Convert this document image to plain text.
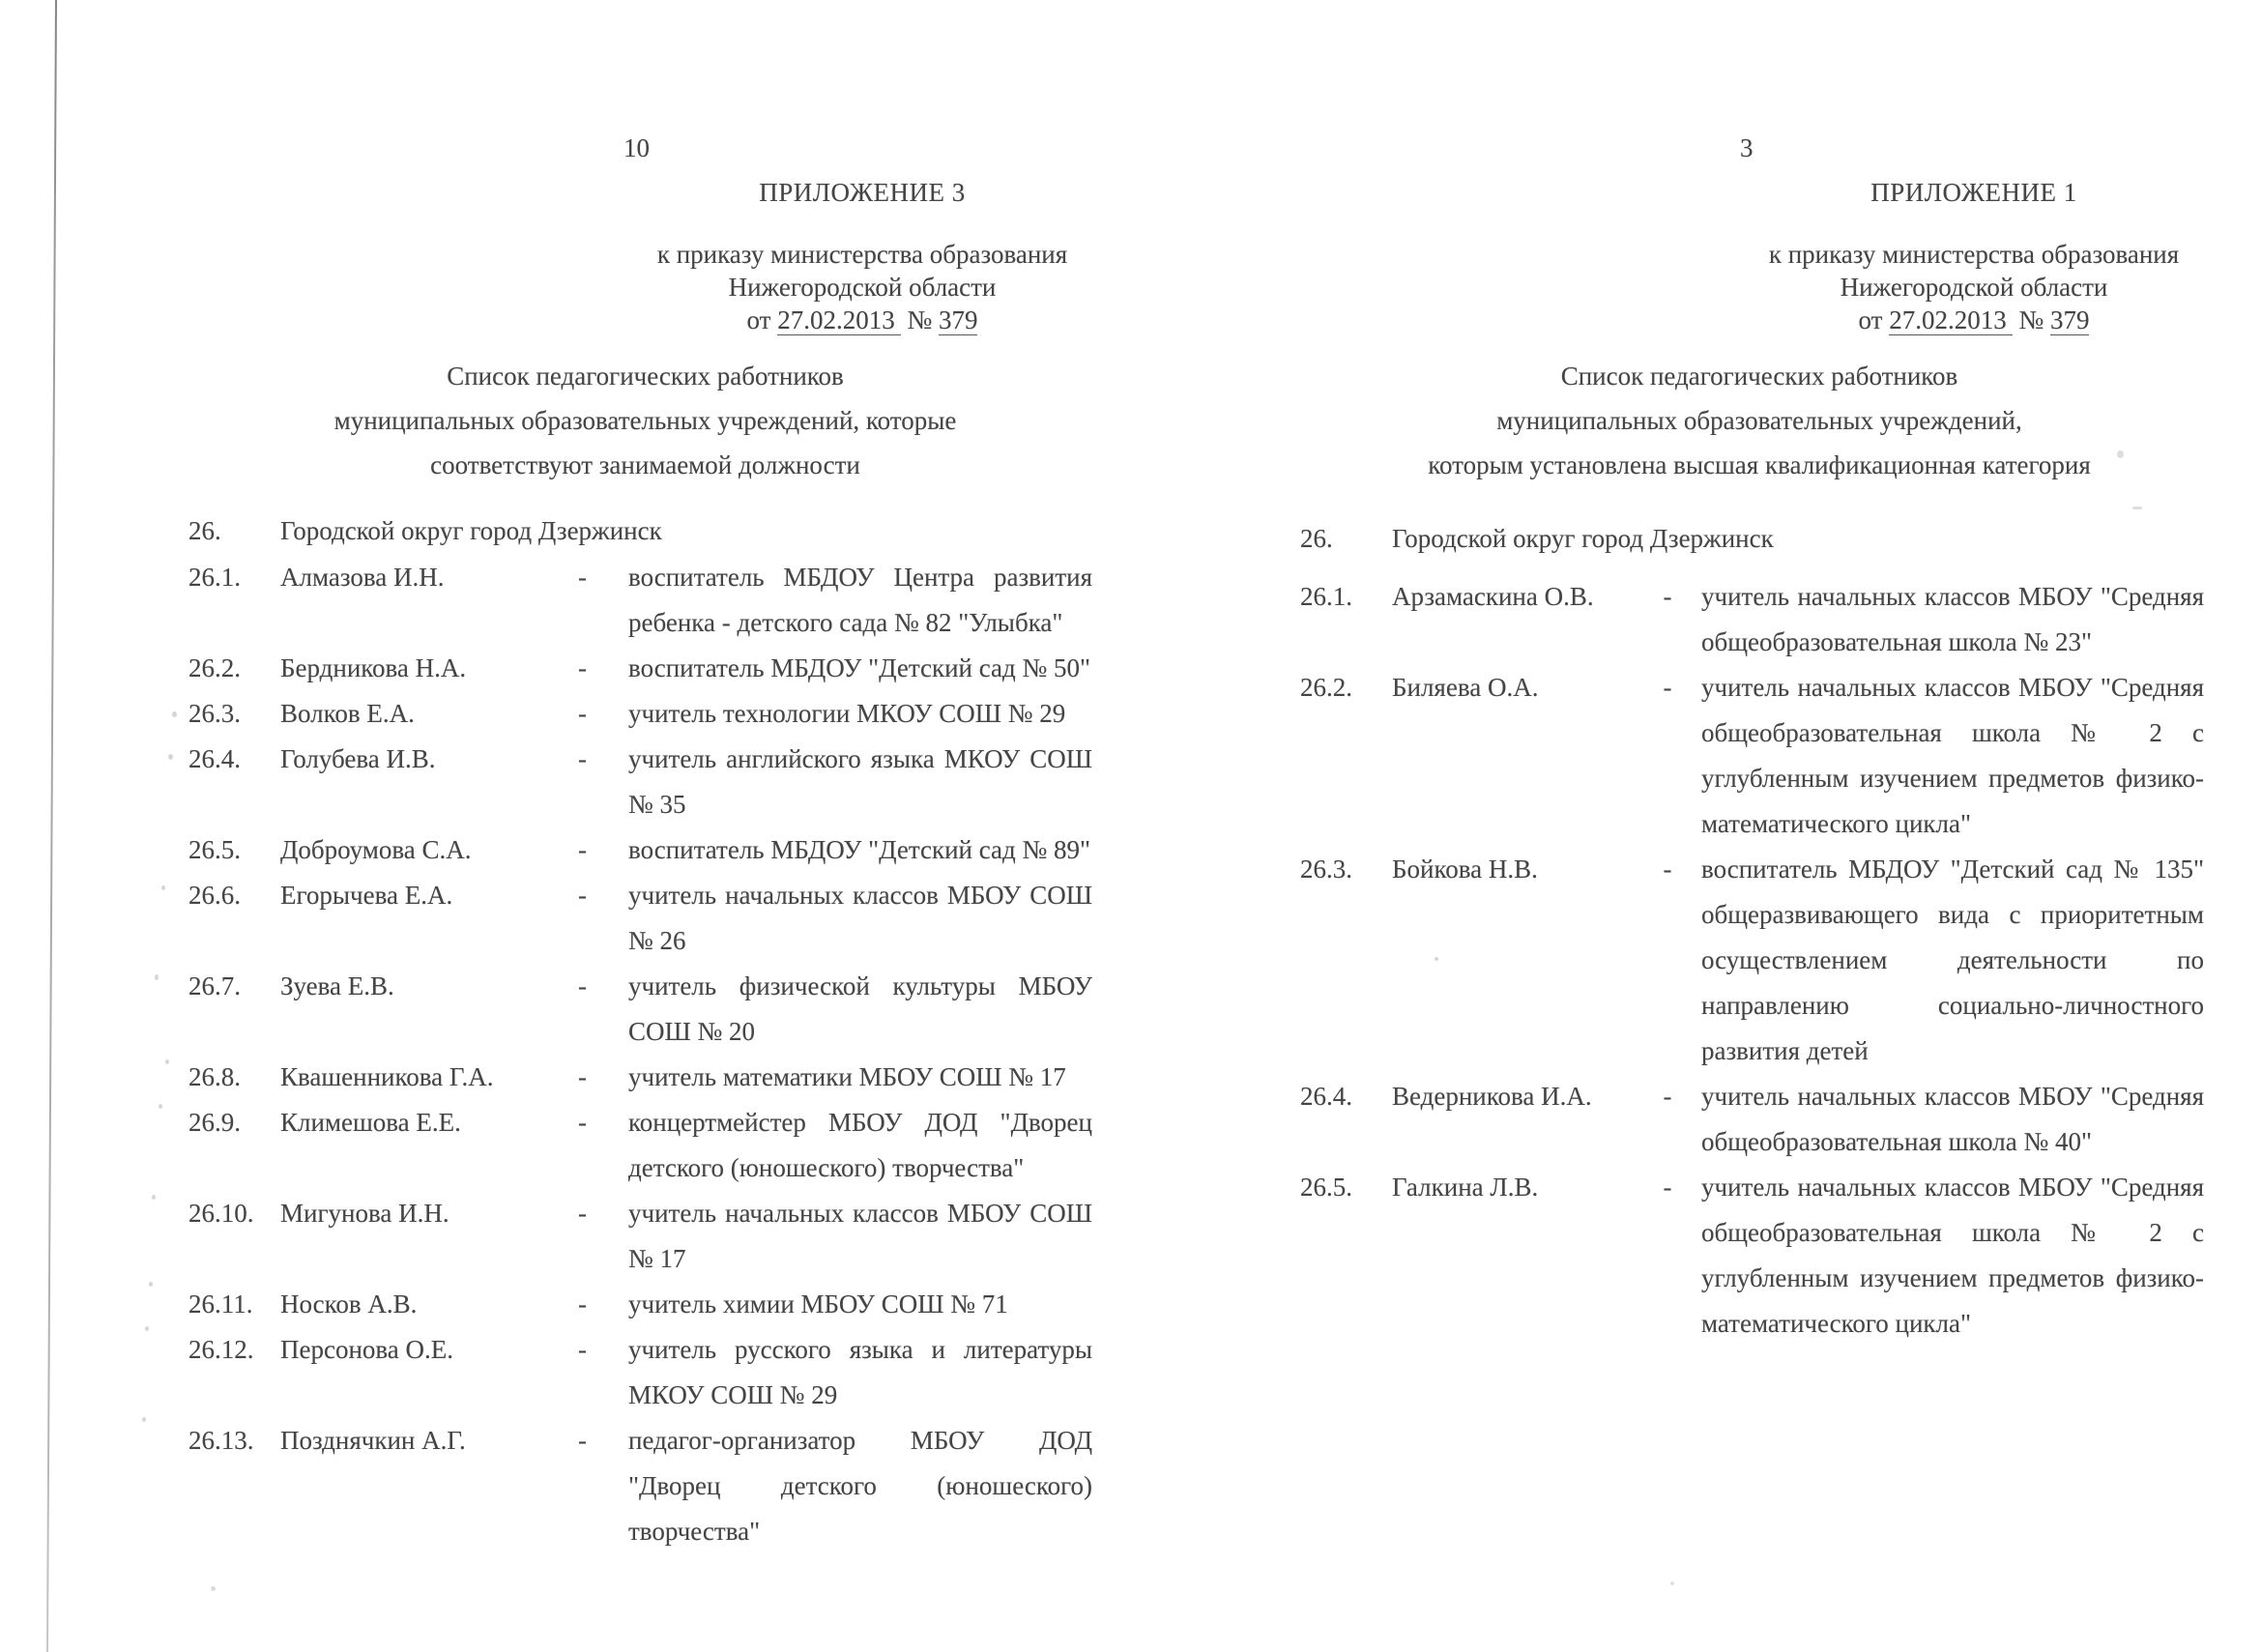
10
ПРИЛОЖЕНИЕ 3
к приказу министерства образования
Нижегородской области
от 27.02.2013 № 379
Список педагогических работников
муниципальных образовательных учреждений, которые
соответствуют занимаемой должности
26.	Городской округ город Дзержинск
26.1.	Алмазова И.Н.	-	воспитатель МБДОУ Центра развития ребенка - детского сада № 82 "Улыбка"
26.2.	Бердникова Н.А.	-	воспитатель МБДОУ "Детский сад № 50"
26.3.	Волков Е.А.	-	учитель технологии МКОУ СОШ № 29
26.4.	Голубева И.В.	-	учитель английского языка МКОУ СОШ № 35
26.5.	Доброумова С.А.	-	воспитатель МБДОУ "Детский сад № 89"
26.6.	Егорычева Е.А.	-	учитель начальных классов МБОУ СОШ № 26
26.7.	Зуева Е.В.	-	учитель физической культуры МБОУ СОШ № 20
26.8.	Квашенникова Г.А.	-	учитель математики МБОУ СОШ № 17
26.9.	Климешова Е.Е.	-	концертмейстер МБОУ ДОД "Дворец детского (юношеского) творчества"
26.10.	Мигунова И.Н.	-	учитель начальных классов МБОУ СОШ № 17
26.11.	Носков А.В.	-	учитель химии МБОУ СОШ № 71
26.12.	Персонова О.Е.	-	учитель русского языка и литературы МКОУ СОШ № 29
26.13.	Позднячкин А.Г.	-	педагог-организатор МБОУ ДОД "Дворец детского (юношеского) творчества"
3
ПРИЛОЖЕНИЕ 1
к приказу министерства образования
Нижегородской области
от 27.02.2013 № 379
Список педагогических работников
муниципальных образовательных учреждений,
которым установлена высшая квалификационная категория
26.	Городской округ город Дзержинск
26.1.	Арзамаскина О.В.	-	учитель начальных классов МБОУ "Средняя общеобразовательная школа № 23"
26.2.	Биляева О.А.	-	учитель начальных классов МБОУ "Средняя общеобразовательная школа № 2 с углубленным изучением предметов физико-математического цикла"
26.3.	Бойкова Н.В.	-	воспитатель МБДОУ "Детский сад № 135" общеразвивающего вида с приоритетным осуществлением деятельности по направлению социально-личностного развития детей
26.4.	Ведерникова И.А.	-	учитель начальных классов МБОУ "Средняя общеобразовательная школа № 40"
26.5.	Галкина Л.В.	-	учитель начальных классов МБОУ "Средняя общеобразовательная школа № 2 с углубленным изучением предметов физико-математического цикла"
